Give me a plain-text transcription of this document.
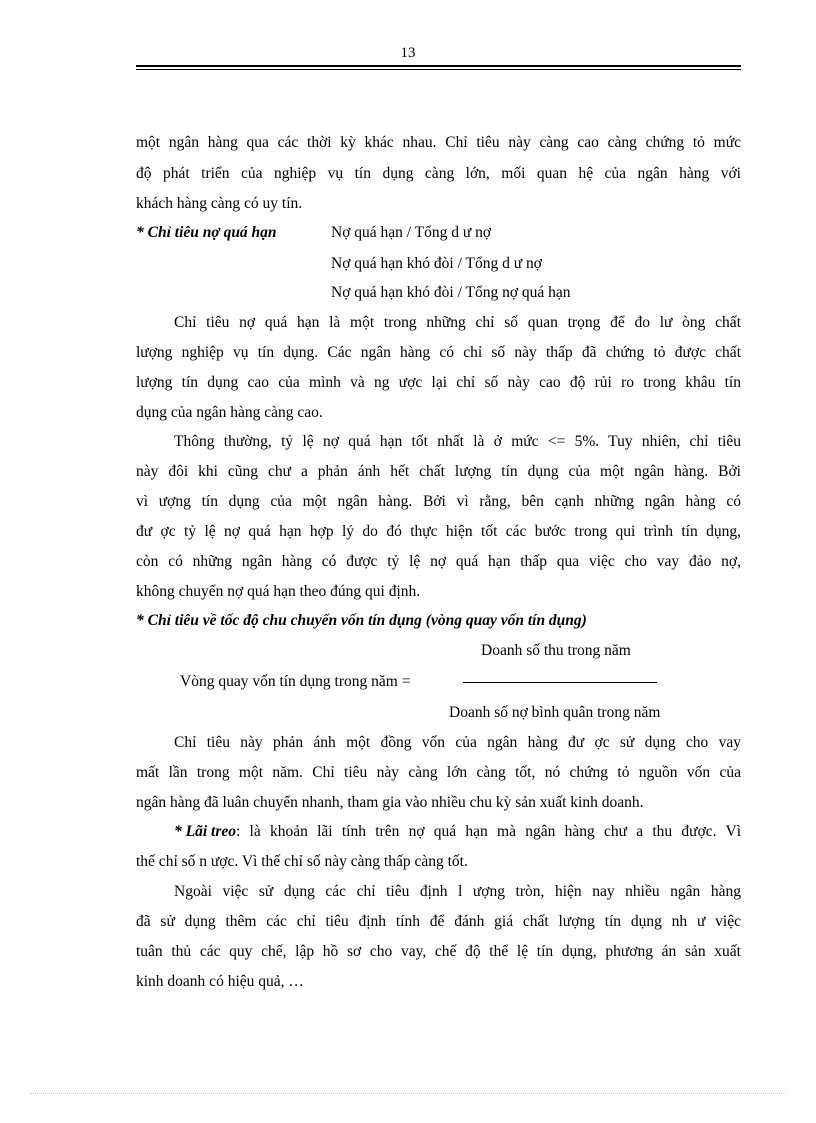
13
một ngân hàng qua các thời kỳ khác nhau. Chỉ tiêu này càng cao càng chứng tỏ mức
độ phát triển của nghiệp vụ tín dụng càng lớn, mối quan hệ của ngân hàng với
khách hàng càng có uy tín.
* Chỉ tiêu nợ quá hạn	Nợ quá hạn / Tổng d ư nợ
Nợ quá hạn khó đòi / Tổng d ư nợ
Nợ quá hạn khó đòi / Tổng nợ quá hạn
Chỉ tiêu nợ quá hạn là một trong những chỉ số quan trọng để đo lư òng chất
lượng nghiệp vụ tín dụng. Các ngân hàng có chỉ số này thấp đã chứng tỏ được chất
lượng tín dụng cao của mình và ng ược lại chỉ số này cao độ rủi ro trong khâu tín
dụng của ngân hàng càng cao.
Thông thường, tỷ lệ nợ quá hạn tốt nhất là ở mức <= 5%. Tuy nhiên, chỉ tiêu
này đôi khi cũng chư a phản ánh hết chất lượng tín dụng của một ngân hàng. Bởi
vì ượng tín dụng của một ngân hàng. Bởi vì rằng, bên cạnh những ngân hàng có
đư ợc tỷ lệ nợ quá hạn hợp lý do đó thực hiện tốt các bước trong qui trình tín dụng,
còn có những ngân hàng có được tỷ lệ nợ quá hạn thấp qua việc cho vay đảo nợ,
không chuyển nợ quá hạn theo đúng qui định.
* Chỉ tiêu về tốc độ chu chuyển vốn tín dụng (vòng quay vốn tín dụng)
Doanh số thu trong năm
Vòng quay vốn tín dụng trong năm =
Doanh số nợ bình quân trong năm
Chỉ tiêu này phản ánh một đồng vốn của ngân hàng đư ợc sử dụng cho vay
mất lần trong một năm. Chỉ tiêu này càng lớn càng tốt, nó chứng tỏ nguồn vốn của
ngân hàng đã luân chuyển nhanh, tham gia vào nhiều chu kỳ sản xuất kinh doanh.
* Lãi treo : là khoản lãi tính trên nợ quá hạn mà ngân hàng chư a thu được. Vì
thế chỉ số n ược. Vì thế chỉ số này càng thấp càng tốt.
Ngoài việc sử dụng các chỉ tiêu định l ượng tròn, hiện nay nhiều ngân hàng
đã sử dụng thêm các chỉ tiêu định tính để đánh giá chất lượng tín dụng nh ư việc
tuân thủ các quy chế, lập hồ sơ cho vay, chế độ thể lệ tín dụng, phương án sản xuất
kinh doanh có hiệu quả, …
